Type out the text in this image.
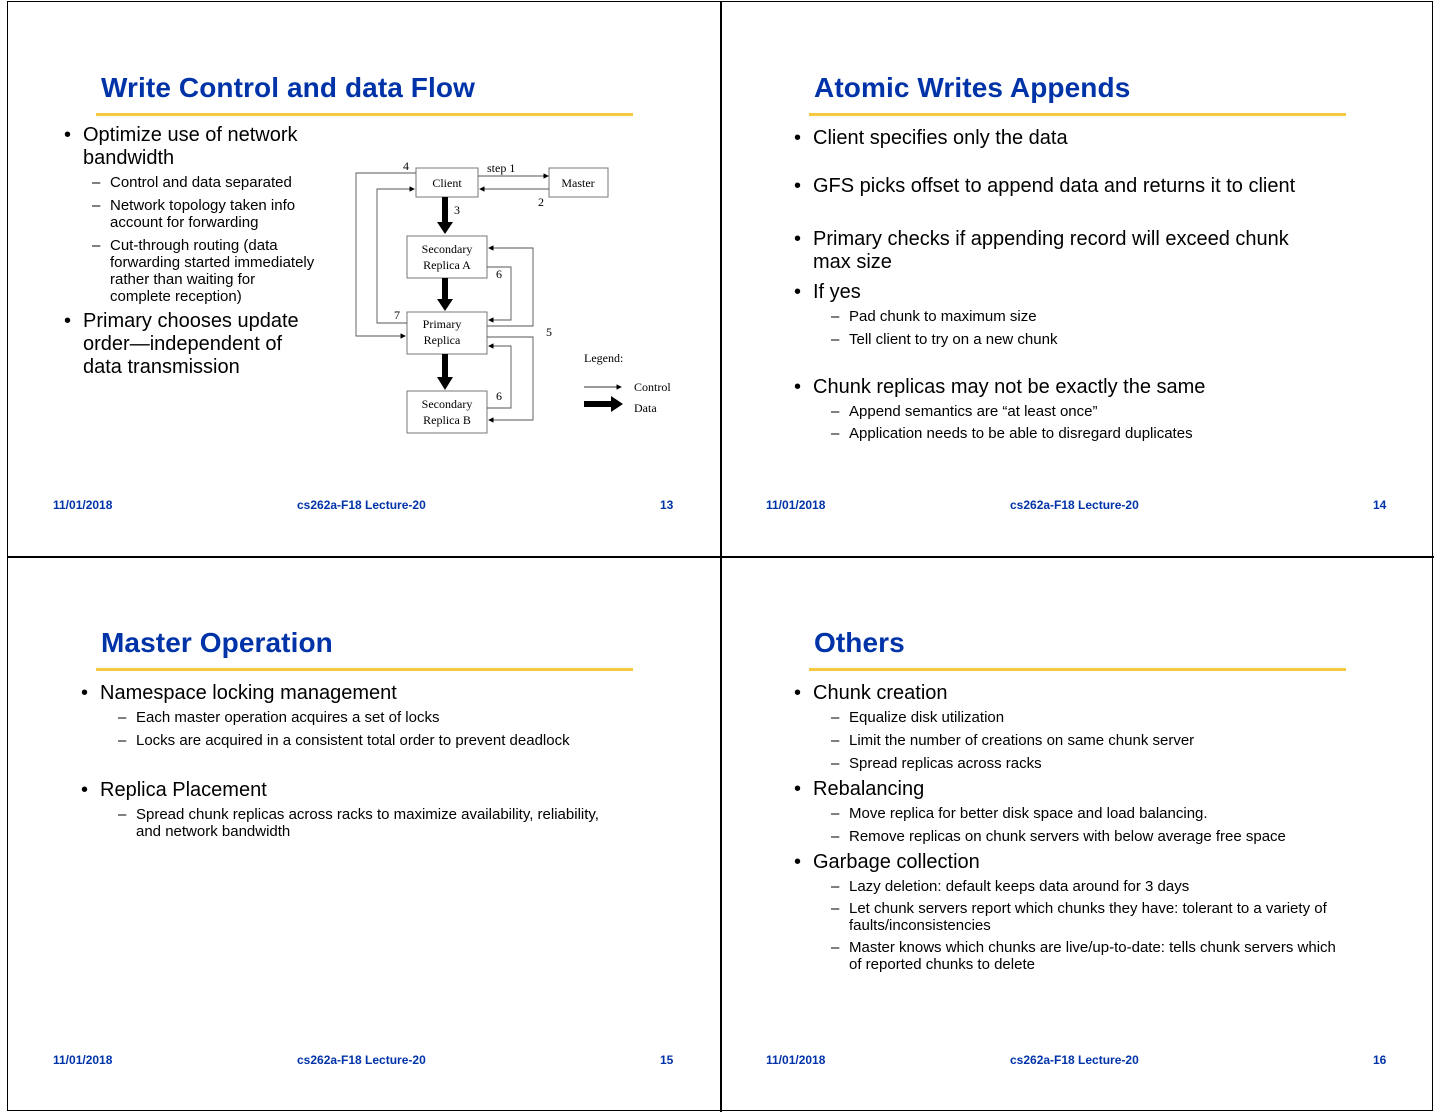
Write Control and data Flow
• Optimize use of network
bandwidth
– Control and data separated
– Network topology taken info
account for forwarding
– Cut-through routing (data
forwarding started immediately
rather than waiting for
complete reception)
• Primary chooses update
order—independent of
data transmission
Client	Master
Secondary
Replica A
Primary
Replica
Secondary
Replica B
4	step 1
2
3
6
7
5
6
Legend:
Control
Data
11/01/2018	cs262a-F18 Lecture-20	13
Atomic Writes Appends
• Client specifies only the data
• GFS picks offset to append data and returns it to client
• Primary checks if appending record will exceed chunk
max size
• If yes
– Pad chunk to maximum size
– Tell client to try on a new chunk
• Chunk replicas may not be exactly the same
– Append semantics are “at least once”
– Application needs to be able to disregard duplicates
11/01/2018	cs262a-F18 Lecture-20	14
Master Operation
• Namespace locking management
– Each master operation acquires a set of locks
– Locks are acquired in a consistent total order to prevent deadlock
• Replica Placement
– Spread chunk replicas across racks to maximize availability, reliability,
and network bandwidth
11/01/2018	cs262a-F18 Lecture-20	15
Others
• Chunk creation
– Equalize disk utilization
– Limit the number of creations on same chunk server
– Spread replicas across racks
• Rebalancing
– Move replica for better disk space and load balancing.
– Remove replicas on chunk servers with below average free space
• Garbage collection
– Lazy deletion: default keeps data around for 3 days
– Let chunk servers report which chunks they have: tolerant to a variety of
faults/inconsistencies
– Master knows which chunks are live/up-to-date: tells chunk servers which
of reported chunks to delete
11/01/2018	cs262a-F18 Lecture-20	16
